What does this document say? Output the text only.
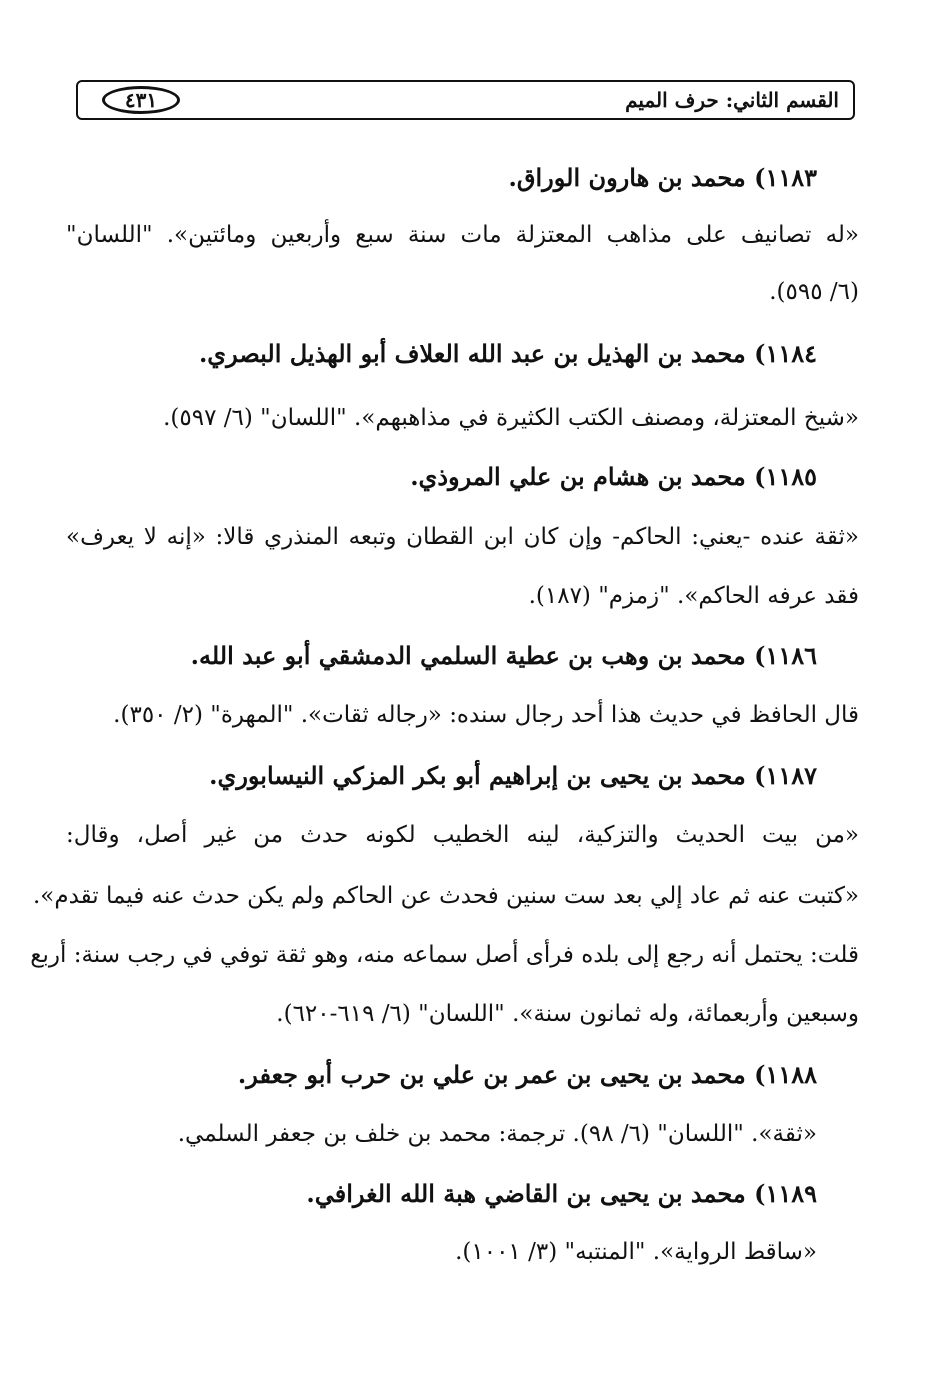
القسم الثاني: حرف الميم
٤٣١
١١٨٣) محمد بن هارون الوراق.
«له تصانيف على مذاهب المعتزلة مات سنة سبع وأربعين ومائتين». "اللسان"
(٦/ ٥٩٥).
١١٨٤) محمد بن الهذيل بن عبد الله العلاف أبو الهذيل البصري.
«شيخ المعتزلة، ومصنف الكتب الكثيرة في مذاهبهم». "اللسان" (٦/ ٥٩٧).
١١٨٥) محمد بن هشام بن علي المروذي.
«ثقة عنده -يعني: الحاكم- وإن كان ابن القطان وتبعه المنذري قالا: «إنه لا يعرف»
فقد عرفه الحاكم». "زمزم" (١٨٧).
١١٨٦) محمد بن وهب بن عطية السلمي الدمشقي أبو عبد الله.
قال الحافظ في حديث هذا أحد رجال سنده: «رجاله ثقات». "المهرة" (٢/ ٣٥٠).
١١٨٧) محمد بن يحيى بن إبراهيم أبو بكر المزكي النيسابوري.
«من بيت الحديث والتزكية، لينه الخطيب لكونه حدث من غير أصل، وقال:
«كتبت عنه ثم عاد إلي بعد ست سنين فحدث عن الحاكم ولم يكن حدث عنه فيما تقدم».
قلت: يحتمل أنه رجع إلى بلده فرأى أصل سماعه منه، وهو ثقة توفي في رجب سنة: أربع
وسبعين وأربعمائة، وله ثمانون سنة». "اللسان" (٦/ ٦١٩-٦٢٠).
١١٨٨) محمد بن يحيى بن عمر بن علي بن حرب أبو جعفر.
«ثقة». "اللسان" (٦/ ٩٨). ترجمة: محمد بن خلف بن جعفر السلمي.
١١٨٩) محمد بن يحيى بن القاضي هبة الله الغرافي.
«ساقط الرواية». "المنتبه" (٣/ ١٠٠١).
